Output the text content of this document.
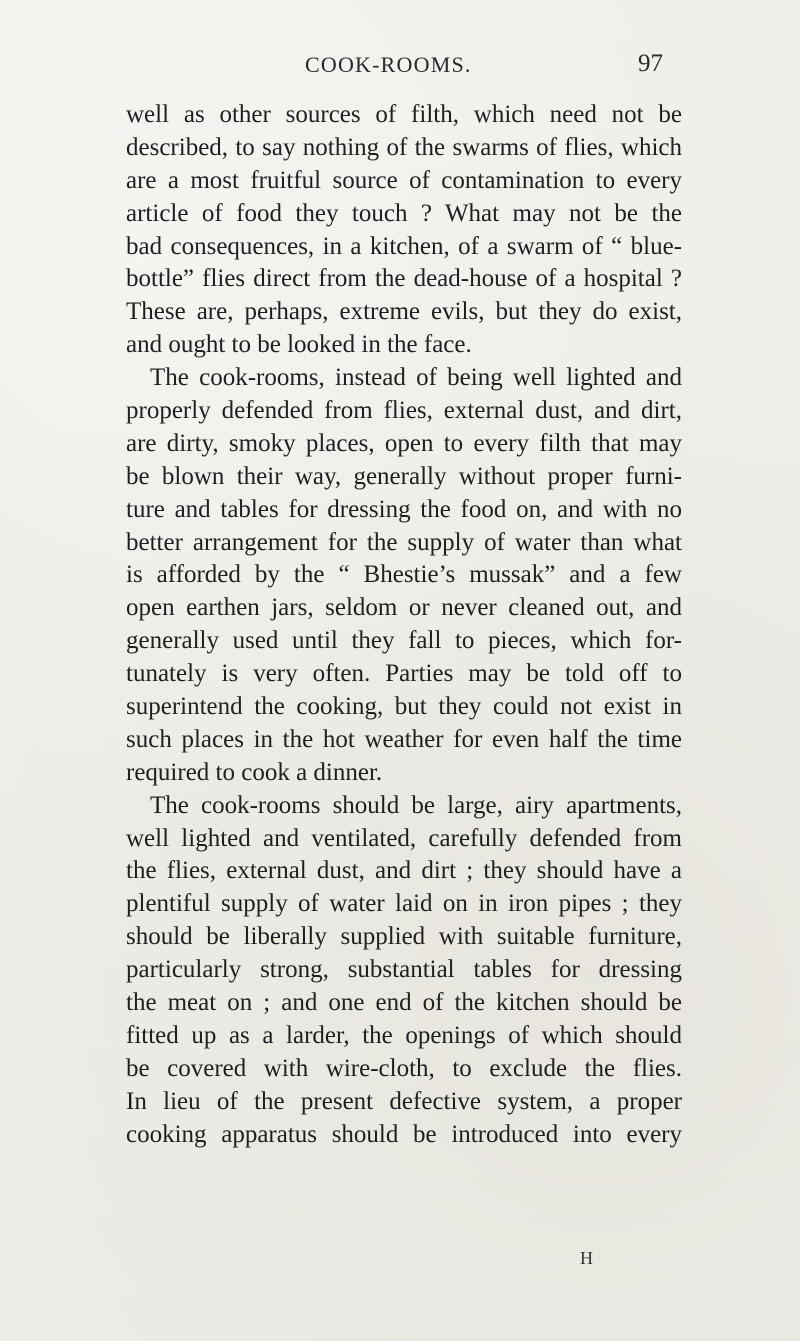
COOK-ROOMS.	97
well as other sources of filth, which need not be
described, to say nothing of the swarms of flies, which
are a most fruitful source of contamination to every
article of food they touch ? What may not be the
bad consequences, in a kitchen, of a swarm of “ blue-
bottle” flies direct from the dead-house of a hospital ?
These are, perhaps, extreme evils, but they do exist,
and ought to be looked in the face.
The cook-rooms, instead of being well lighted and
properly defended from flies, external dust, and dirt,
are dirty, smoky places, open to every filth that may
be blown their way, generally without proper furni-
ture and tables for dressing the food on, and with no
better arrangement for the supply of water than what
is afforded by the “ Bhestie’s mussak” and a few
open earthen jars, seldom or never cleaned out, and
generally used until they fall to pieces, which for-
tunately is very often. Parties may be told off to
superintend the cooking, but they could not exist in
such places in the hot weather for even half the time
required to cook a dinner.
The cook-rooms should be large, airy apartments,
well lighted and ventilated, carefully defended from
the flies, external dust, and dirt ; they should have a
plentiful supply of water laid on in iron pipes ; they
should be liberally supplied with suitable furniture,
particularly strong, substantial tables for dressing
the meat on ; and one end of the kitchen should be
fitted up as a larder, the openings of which should
be covered with wire-cloth, to exclude the flies.
In lieu of the present defective system, a proper
cooking apparatus should be introduced into every
H
